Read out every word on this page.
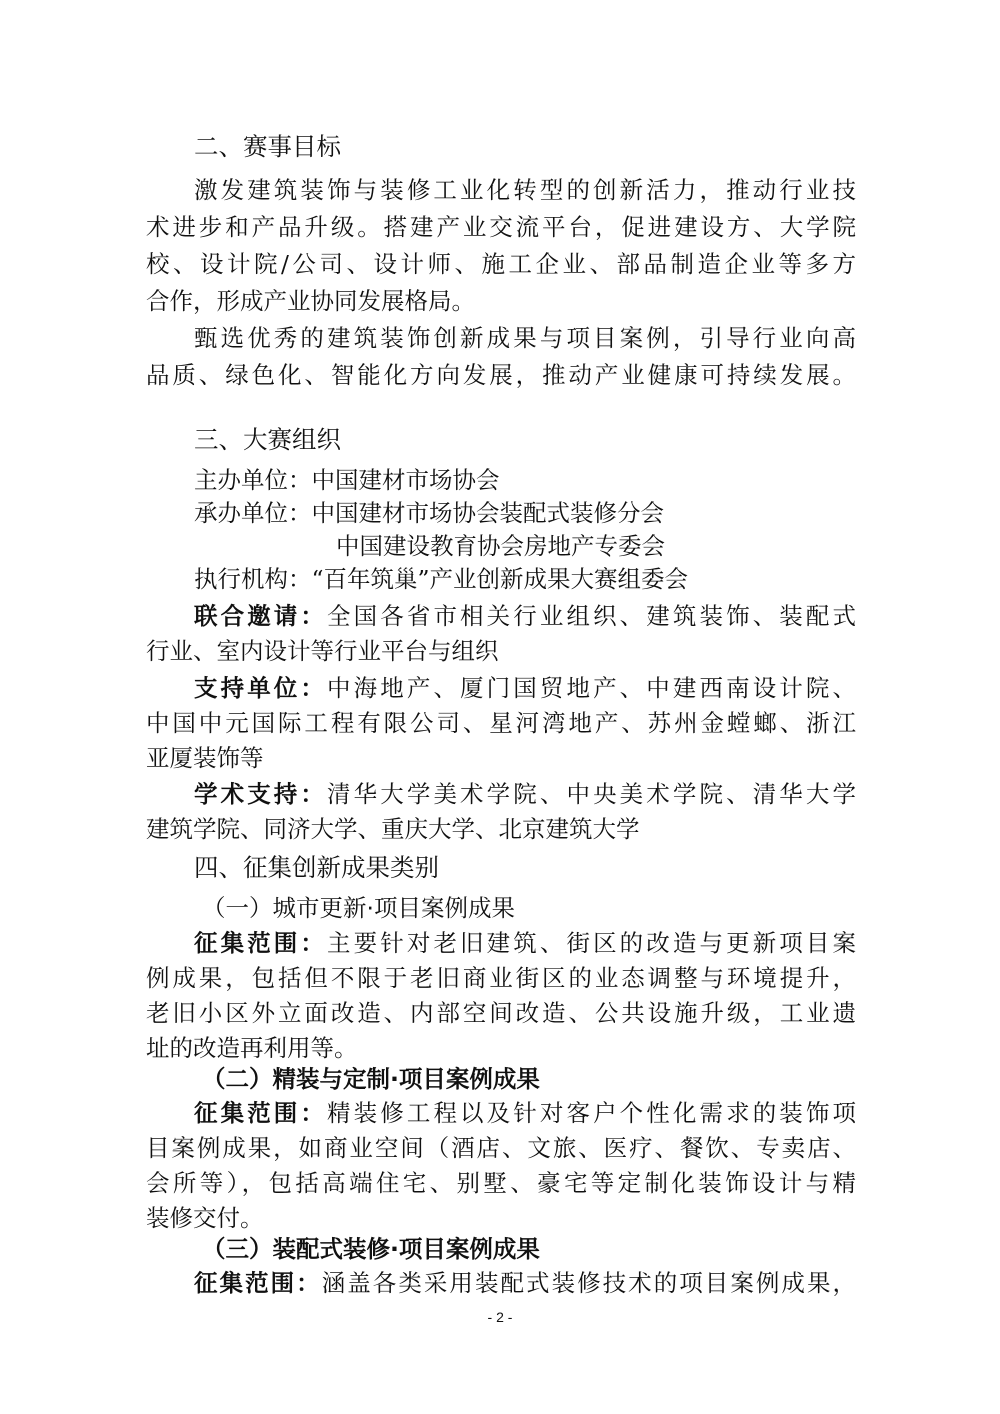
二、赛事目标
激发建筑装饰与装修工业化转型的创新活力，推动行业技
术进步和产品升级。搭建产业交流平台，促进建设方、大学院
校、设计院/公司、设计师、施工企业、部品制造企业等多方
合作，形成产业协同发展格局。
甄选优秀的建筑装饰创新成果与项目案例，引导行业向高
品质、绿色化、智能化方向发展，推动产业健康可持续发展。
三、大赛组织
主办单位：中国建材市场协会
承办单位：中国建材市场协会装配式装修分会
中国建设教育协会房地产专委会
执行机构：“百年筑巢”产业创新成果大赛组委会
联合邀请：全国各省市相关行业组织、建筑装饰、装配式
行业、室内设计等行业平台与组织
支持单位：中海地产、厦门国贸地产、中建西南设计院、
中国中元国际工程有限公司、星河湾地产、苏州金螳螂、浙江
亚厦装饰等
学术支持：清华大学美术学院、中央美术学院、清华大学
建筑学院、同济大学、重庆大学、北京建筑大学
四、征集创新成果类别
（一）城市更新·项目案例成果
征集范围：主要针对老旧建筑、街区的改造与更新项目案
例成果，包括但不限于老旧商业街区的业态调整与环境提升，
老旧小区外立面改造、内部空间改造、公共设施升级，工业遗
址的改造再利用等。
（二）精装与定制·项目案例成果
征集范围：精装修工程以及针对客户个性化需求的装饰项
目案例成果，如商业空间（酒店、文旅、医疗、餐饮、专卖店、
会所等），包括高端住宅、别墅、豪宅等定制化装饰设计与精
装修交付。
（三）装配式装修·项目案例成果
征集范围：涵盖各类采用装配式装修技术的项目案例成果，
- 2 -
